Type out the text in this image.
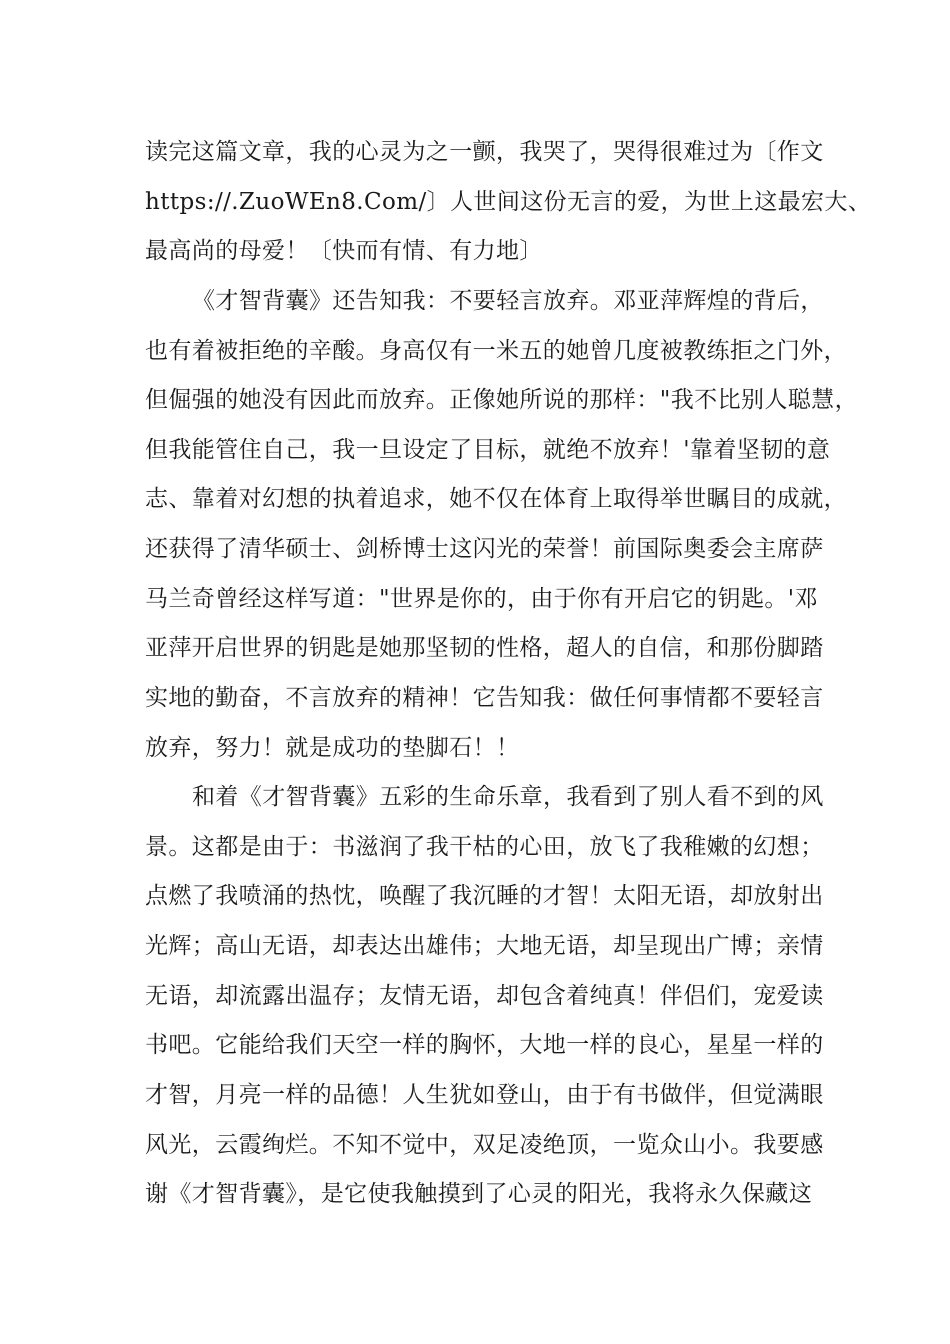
读完这篇文章，我的心灵为之一颤，我哭了，哭得很难过为〔作文
https://.ZuoWEn8.Com/〕人世间这份无言的爱，为世上这最宏大、
最高尚的母爱！〔快而有情、有力地〕
《才智背囊》还告知我：不要轻言放弃。邓亚萍辉煌的背后，
也有着被拒绝的辛酸。身高仅有一米五的她曾几度被教练拒之门外，
但倔强的她没有因此而放弃。正像她所说的那样："我不比别人聪慧，
但我能管住自己，我一旦设定了目标，就绝不放弃！'靠着坚韧的意
志、靠着对幻想的执着追求，她不仅在体育上取得举世瞩目的成就，
还获得了清华硕士、剑桥博士这闪光的荣誉！前国际奥委会主席萨
马兰奇曾经这样写道："世界是你的，由于你有开启它的钥匙。'邓
亚萍开启世界的钥匙是她那坚韧的性格，超人的自信，和那份脚踏
实地的勤奋，不言放弃的精神！它告知我：做任何事情都不要轻言
放弃，努力！就是成功的垫脚石！！
和着《才智背囊》五彩的生命乐章，我看到了别人看不到的风
景。这都是由于：书滋润了我干枯的心田，放飞了我稚嫩的幻想；
点燃了我喷涌的热忱，唤醒了我沉睡的才智！太阳无语，却放射出
光辉；高山无语，却表达出雄伟；大地无语，却呈现出广博；亲情
无语，却流露出温存；友情无语，却包含着纯真！伴侣们，宠爱读
书吧。它能给我们天空一样的胸怀，大地一样的良心，星星一样的
才智，月亮一样的品德！人生犹如登山，由于有书做伴，但觉满眼
风光，云霞绚烂。不知不觉中，双足凌绝顶，一览众山小。我要感
谢《才智背囊》，是它使我触摸到了心灵的阳光，我将永久保藏这
